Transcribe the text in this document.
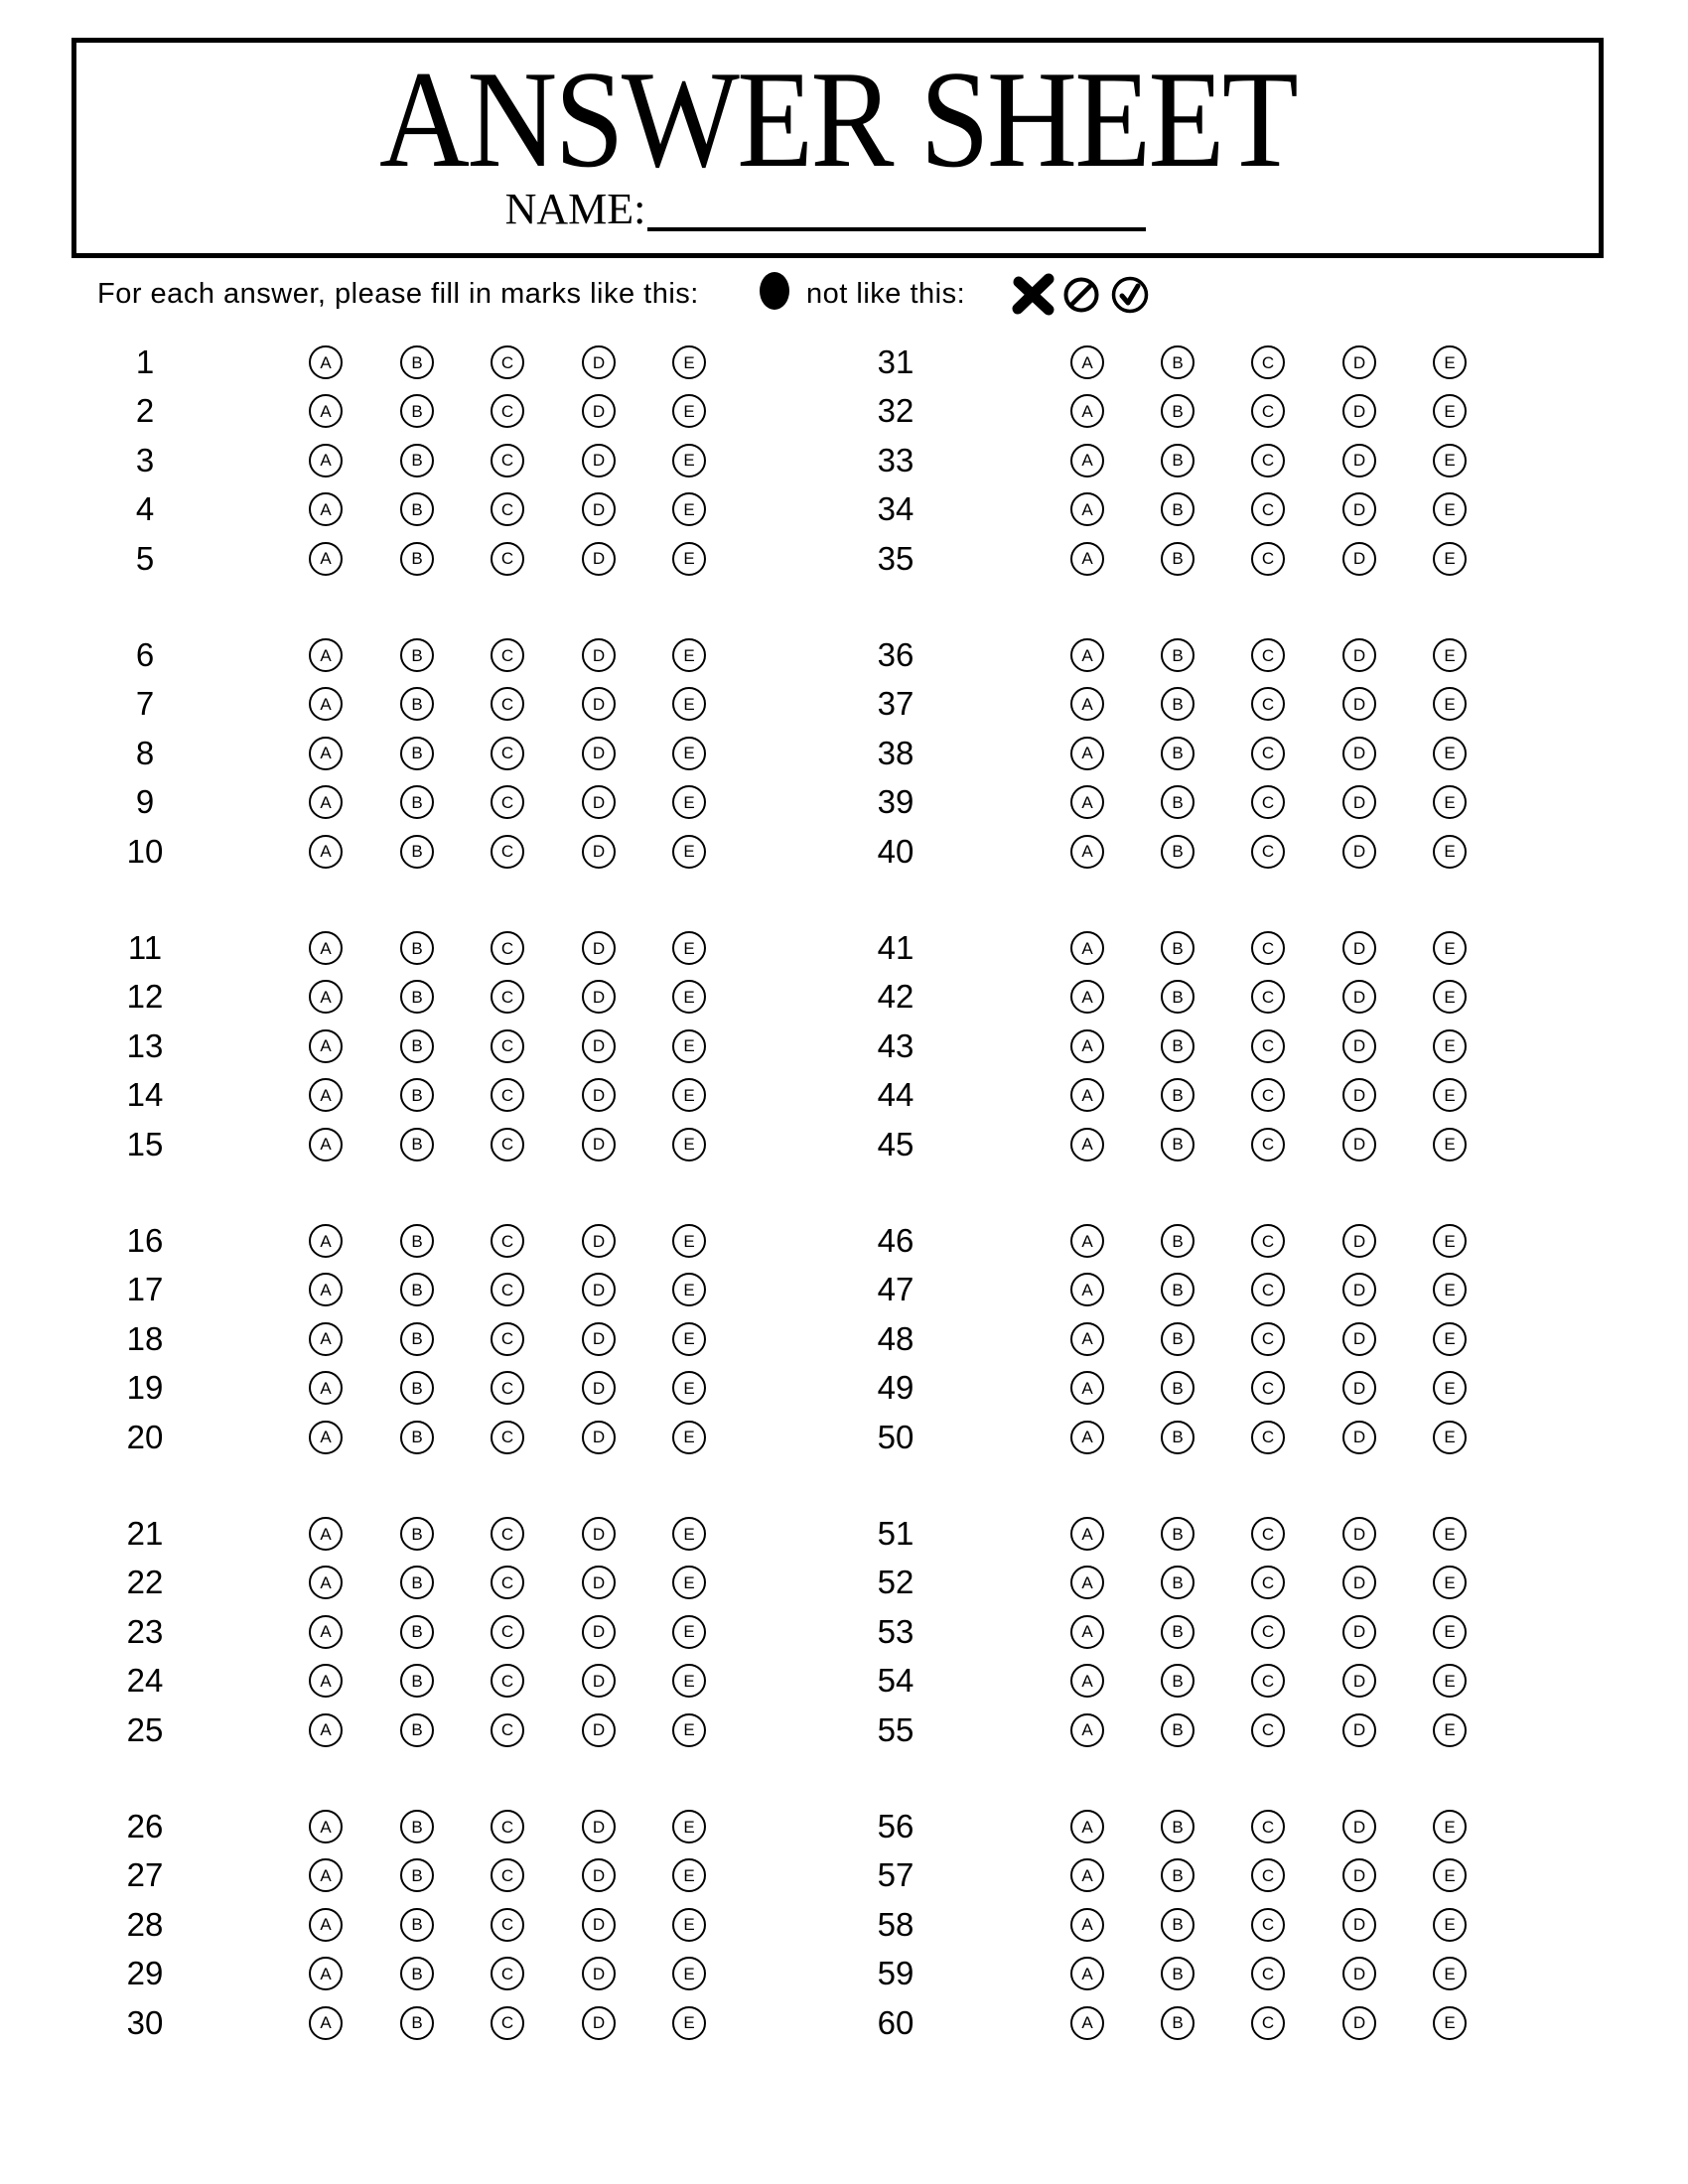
ANSWER SHEET
NAME:
For each answer, please fill in marks like this:	not like this:
1	A	B	C	D	E
2	A	B	C	D	E
3	A	B	C	D	E
4	A	B	C	D	E
5	A	B	C	D	E
6	A	B	C	D	E
7	A	B	C	D	E
8	A	B	C	D	E
9	A	B	C	D	E
10	A	B	C	D	E
11	A	B	C	D	E
12	A	B	C	D	E
13	A	B	C	D	E
14	A	B	C	D	E
15	A	B	C	D	E
16	A	B	C	D	E
17	A	B	C	D	E
18	A	B	C	D	E
19	A	B	C	D	E
20	A	B	C	D	E
21	A	B	C	D	E
22	A	B	C	D	E
23	A	B	C	D	E
24	A	B	C	D	E
25	A	B	C	D	E
26	A	B	C	D	E
27	A	B	C	D	E
28	A	B	C	D	E
29	A	B	C	D	E
30	A	B	C	D	E
31	A	B	C	D	E
32	A	B	C	D	E
33	A	B	C	D	E
34	A	B	C	D	E
35	A	B	C	D	E
36	A	B	C	D	E
37	A	B	C	D	E
38	A	B	C	D	E
39	A	B	C	D	E
40	A	B	C	D	E
41	A	B	C	D	E
42	A	B	C	D	E
43	A	B	C	D	E
44	A	B	C	D	E
45	A	B	C	D	E
46	A	B	C	D	E
47	A	B	C	D	E
48	A	B	C	D	E
49	A	B	C	D	E
50	A	B	C	D	E
51	A	B	C	D	E
52	A	B	C	D	E
53	A	B	C	D	E
54	A	B	C	D	E
55	A	B	C	D	E
56	A	B	C	D	E
57	A	B	C	D	E
58	A	B	C	D	E
59	A	B	C	D	E
60	A	B	C	D	E
